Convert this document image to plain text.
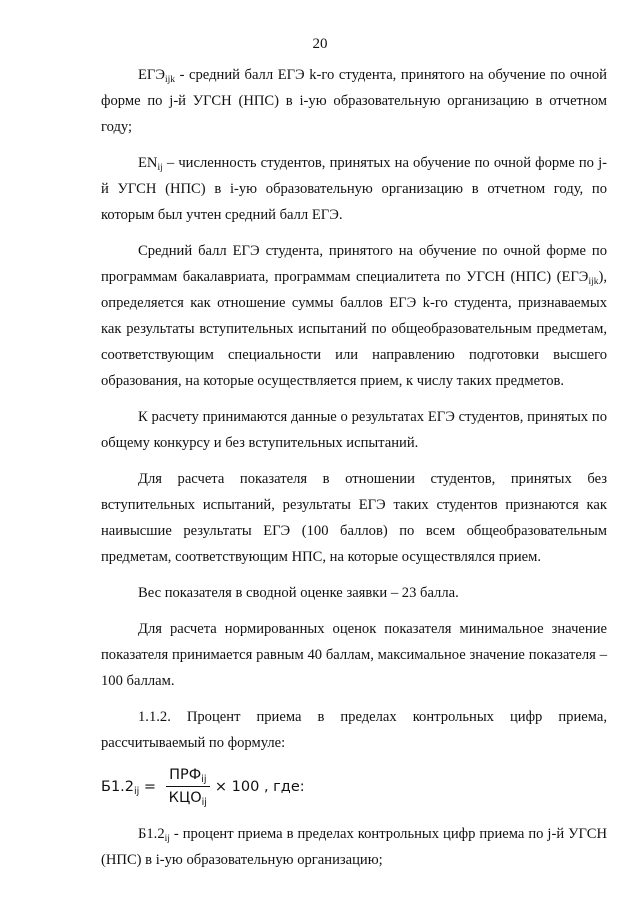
20

$ЕГЭ_{ijk}$ - средний балл ЕГЭ k-го студента, принятого на обучение по очной форме по j-й УГСН (НПС) в i-ую образовательную организацию в отчетном году;

$EN_{ij}$ – численность студентов, принятых на обучение по очной форме по j-й УГСН (НПС) в i-ую образовательную организацию в отчетном году, по которым был учтен средний балл ЕГЭ.

Средний балл ЕГЭ студента, принятого на обучение по очной форме по программам бакалавриата, программам специалитета по УГСН (НПС) $(ЕГЭ_{ijk})$, определяется как отношение суммы баллов ЕГЭ k-го студента, признаваемых как результаты вступительных испытаний по общеобразовательным предметам, соответствующим специальности или направлению подготовки высшего образования, на которые осуществляется прием, к числу таких предметов.

К расчету принимаются данные о результатах ЕГЭ студентов, принятых по общему конкурсу и без вступительных испытаний.

Для расчета показателя в отношении студентов, принятых без вступительных испытаний, результаты ЕГЭ таких студентов признаются как наивысшие результаты ЕГЭ (100 баллов) по всем общеобразовательным предметам, соответствующим НПС, на которые осуществлялся прием.

Вес показателя в сводной оценке заявки – 23 балла.

Для расчета нормированных оценок показателя минимальное значение показателя принимается равным 40 баллам, максимальное значение показателя – 100 баллам.

1.1.2. Процент приема в пределах контрольных цифр приема, рассчитываемый по формуле:

$Б1.2_{ij} = \frac{ПРФ_{ij}}{КЦО_{ij}} \times 100$ , где:

$Б1.2_{ij}$ - процент приема в пределах контрольных цифр приема по j-й УГСН (НПС) в i-ую образовательную организацию;
